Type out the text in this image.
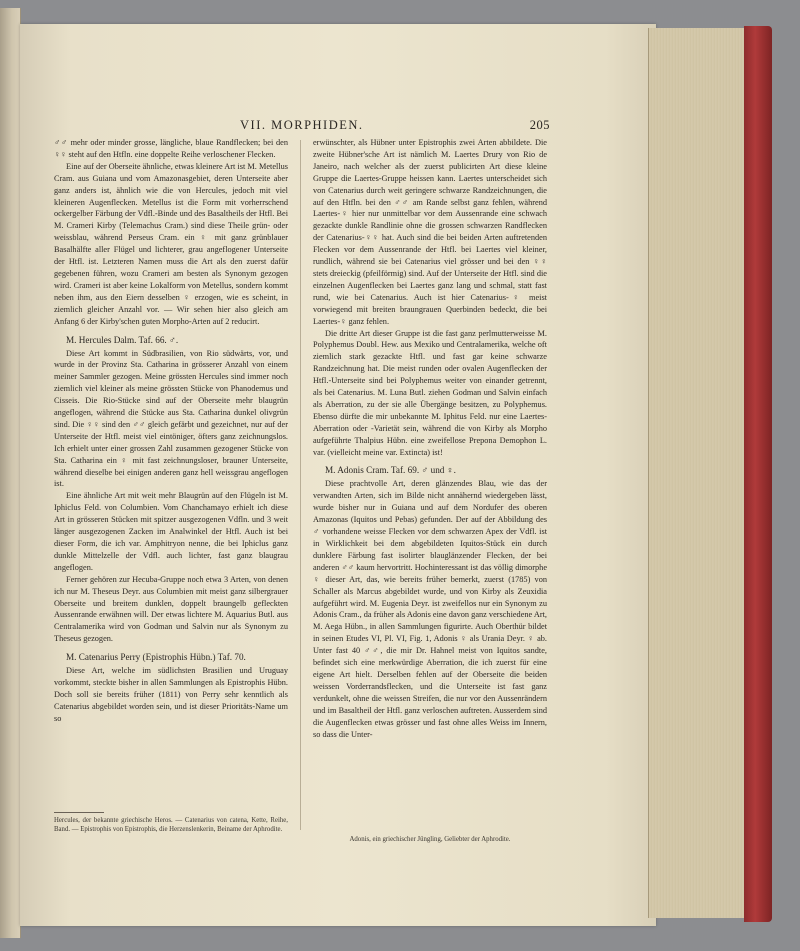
VII. MORPHIDEN.	205

♂♂ mehr oder minder grosse, längliche, blaue Randflecken; bei den ♀♀ steht auf den Htfln. eine doppelte Reihe verloschener Flecken.

Eine auf der Oberseite ähnliche, etwas kleinere Art ist M. Metellus Cram. aus Guiana und vom Amazonasgebiet, deren Unterseite aber ganz anders ist, ähnlich wie die von Hercules, jedoch mit viel kleineren Augenflecken. Metellus ist die Form mit vorherrschend ockergelber Färbung der Vdfl.-Binde und des Basaltheils der Htfl. Bei M. Crameri Kirby (Telemachus Cram.) sind diese Theile grün- oder weissblau, während Perseus Cram. ein ♀ mit ganz grünblauer Basalhälfte aller Flügel und lichterer, grau angeflogener Unterseite der Htfl. ist. Letzteren Namen muss die Art als den zuerst dafür gegebenen führen, wozu Crameri am besten als Synonym gezogen wird. Crameri ist aber keine Lokalform von Metellus, sondern kommt neben ihm, aus den Eiern desselben ♀ erzogen, wie es scheint, in ziemlich gleicher Anzahl vor. — Wir sehen hier also gleich am Anfang 6 der Kirby'schen guten Morpho-Arten auf 2 reducirt.

M. Hercules Dalm. Taf. 66. ♂.

Diese Art kommt in Südbrasilien, von Rio südwärts, vor, und wurde in der Provinz Sta. Catharina in grösserer Anzahl von einem meiner Sammler gezogen. Meine grössten Hercules sind immer noch ziemlich viel kleiner als meine grössten Stücke von Phanodemus und Cisseis. Die Rio-Stücke sind auf der Oberseite mehr blaugrün angeflogen, während die Stücke aus Sta. Catharina dunkel olivgrün sind. Die ♀♀ sind den ♂♂ gleich gefärbt und gezeichnet, nur auf der Unterseite der Htfl. meist viel eintöniger, öfters ganz zeichnungslos. Ich erhielt unter einer grossen Zahl zusammen gezogener Stücke von Sta. Catharina ein ♀ mit fast zeichnungsloser, brauner Unterseite, während dieselbe bei einigen anderen ganz hell weissgrau angeflogen ist.

Eine ähnliche Art mit weit mehr Blaugrün auf den Flügeln ist M. Iphiclus Feld. von Columbien. Vom Chanchamayo erhielt ich diese Art in grösseren Stücken mit spitzer ausgezogenen Vdfln. und 3 weit länger ausgezogenen Zacken im Analwinkel der Htfl. Auch ist bei dieser Form, die ich var. Amphitryon nenne, die bei Iphiclus ganz dunkle Mittelzelle der Vdfl. auch lichter, fast ganz blaugrau angeflogen.

Ferner gehören zur Hecuba-Gruppe noch etwa 3 Arten, von denen ich nur M. Theseus Deyr. aus Columbien mit meist ganz silbergrauer Oberseite und breitem dunklen, doppelt braungelb gefleckten Aussenrande erwähnen will. Der etwas lichtere M. Aquarius Butl. aus Centralamerika wird von Godman und Salvin nur als Synonym zu Theseus gezogen.

M. Catenarius Perry (Epistrophis Hübn.) Taf. 70.

Diese Art, welche im südlichsten Brasilien und Uruguay vorkommt, steckte bisher in allen Sammlungen als Epistrophis Hübn. Doch soll sie bereits früher (1811) von Perry sehr kenntlich als Catenarius abgebildet worden sein, und ist dieser Prioritäts-Name um so

erwünschter, als Hübner unter Epistrophis zwei Arten abbildete. Die zweite Hübner'sche Art ist nämlich M. Laertes Drury von Rio de Janeiro, nach welcher als der zuerst publicirten Art diese kleine Gruppe die Laertes-Gruppe heissen kann. Laertes unterscheidet sich von Catenarius durch weit geringere schwarze Randzeichnungen, die auf den Htfln. bei den ♂♂ am Rande selbst ganz fehlen, während Laertes-♀ hier nur unmittelbar vor dem Aussenrande eine schwach gezackte dunkle Randlinie ohne die grossen schwarzen Randflecken der Catenarius-♀♀ hat. Auch sind die bei beiden Arten auftretenden Flecken vor dem Aussenrande der Htfl. bei Laertes viel kleiner, rundlich, während sie bei Catenarius viel grösser und bei den ♀♀ stets dreieckig (pfeilförmig) sind. Auf der Unterseite der Htfl. sind die einzelnen Augenflecken bei Laertes ganz lang und schmal, statt fast rund, wie bei Catenarius. Auch ist hier Catenarius-♀ meist vorwiegend mit breiten braungrauen Querbinden bedeckt, die bei Laertes-♀ ganz fehlen.

Die dritte Art dieser Gruppe ist die fast ganz perlmutterweisse M. Polyphemus Doubl. Hew. aus Mexiko und Centralamerika, welche oft ziemlich stark gezackte Htfl. und fast gar keine schwarze Randzeichnung hat. Die meist runden oder ovalen Augenflecken der Htfl.-Unterseite sind bei Polyphemus weiter von einander getrennt, als bei Catenarius. M. Luna Butl. ziehen Godman und Salvin einfach als Aberration, zu der sie alle Übergänge besitzen, zu Polyphemus. Ebenso dürfte die mir unbekannte M. Iphitus Feld. nur eine Laertes-Aberration oder -Varietät sein, während die von Kirby als Morpho aufgeführte Thalpius Hübn. eine zweifellose Prepona Demophon L. var. (vielleicht meine var. Extincta) ist!

M. Adonis Cram. Taf. 69. ♂ und ♀.

Diese prachtvolle Art, deren glänzendes Blau, wie das der verwandten Arten, sich im Bilde nicht annähernd wiedergeben lässt, wurde bisher nur in Guiana und auf dem Nordufer des oberen Amazonas (Iquitos und Pebas) gefunden. Der auf der Abbildung des ♂ vorhandene weisse Flecken vor dem schwarzen Apex der Vdfl. ist in Wirklichkeit bei dem abgebildeten Iquitos-Stück ein durch dunklere Färbung fast isolirter blauglänzender Flecken, der bei anderen ♂♂ kaum hervortritt. Hochinteressant ist das völlig dimorphe ♀ dieser Art, das, wie bereits früher bemerkt, zuerst (1785) von Schaller als Marcus abgebildet wurde, und von Kirby als Zeuxidia aufgeführt wird. M. Eugenia Deyr. ist zweifellos nur ein Synonym zu Adonis Cram., da früher als Adonis eine davon ganz verschiedene Art, M. Aega Hübn., in allen Sammlungen figurirte. Auch Oberthür bildet in seinen Etudes VI, Pl. VI, Fig. 1, Adonis ♀ als Urania Deyr. ♀ ab. Unter fast 40 ♂♂, die mir Dr. Hahnel meist von Iquitos sandte, befindet sich eine merkwürdige Aberration, die ich zuerst für eine eigene Art hielt. Derselben fehlen auf der Oberseite die beiden weissen Vorderrandsflecken, und die Unterseite ist fast ganz verdunkelt, ohne die weissen Streifen, die nur vor den Aussenrändern und im Basaltheil der Htfl. ganz verloschen auftreten. Ausserdem sind die Augenflecken etwas grösser und fast ohne alles Weiss im Innern, so dass die Unter-

Hercules, der bekannte griechische Heros. — Catenarius von catena, Kette, Reihe, Band. — Epistrophis von Epistrophis, die Herzenslenkerin, Beiname der Aphrodite.
Adonis, ein griechischer Jüngling, Geliebter der Aphrodite.
